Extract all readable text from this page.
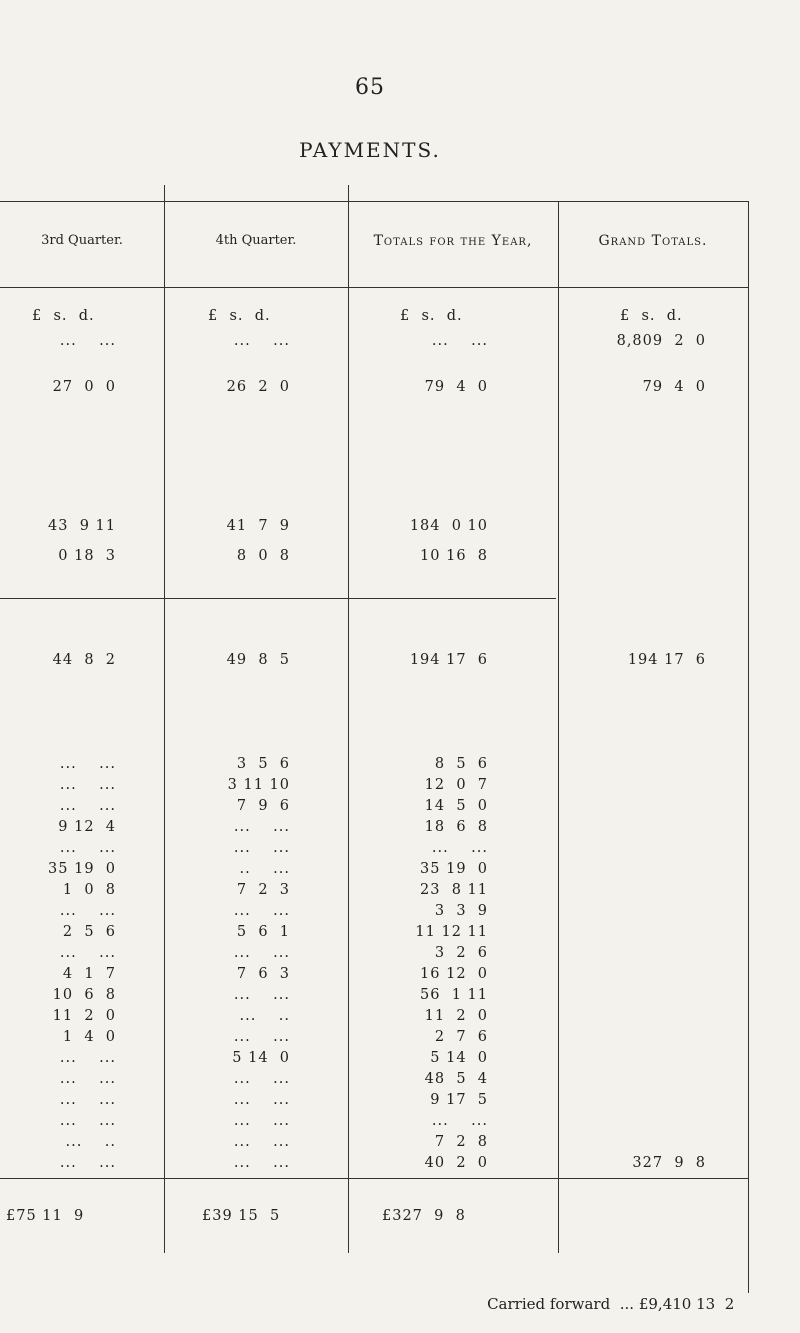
65
PAYMENTS.
3rd Quarter.	4th Quarter.	Totals for the Year,	Grand Totals.
£  s.  d.	£  s.  d.	£  s.  d.	£  s.  d.
...    ...	...    ...	...    ...	8,809  2  0
27  0  0	26  2  0	79  4  0	79  4  0
43  9 11	41  7  9	184  0 10
0 18  3	8  0  8	10 16  8
44  8  2	49  8  5	194 17  6	194 17  6
...    ...	3  5  6	8  5  6
...    ...	3 11 10	12  0  7
...    ...	7  9  6	14  5  0
9 12  4	...    ...	18  6  8
...    ...	...    ...	...    ...
35 19  0	..    ...	35 19  0
1  0  8	7  2  3	23  8 11
...    ...	...    ...	3  3  9
2  5  6	5  6  1	11 12 11
...    ...	...    ...	3  2  6
4  1  7	7  6  3	16 12  0
10  6  8	...    ...	56  1 11
11  2  0	...    ..	11  2  0
1  4  0	...    ...	2  7  6
...    ...	5 14  0	5 14  0
...    ...	...    ...	48  5  4
...    ...	...    ...	9 17  5
...    ...	...    ...	...    ...
...    ..	...    ...	7  2  8
...    ...	...    ...	40  2  0	327  9  8
£75 11  9	£39 15  5	£327  9  8

Carried forward ... £9,410 13  2
